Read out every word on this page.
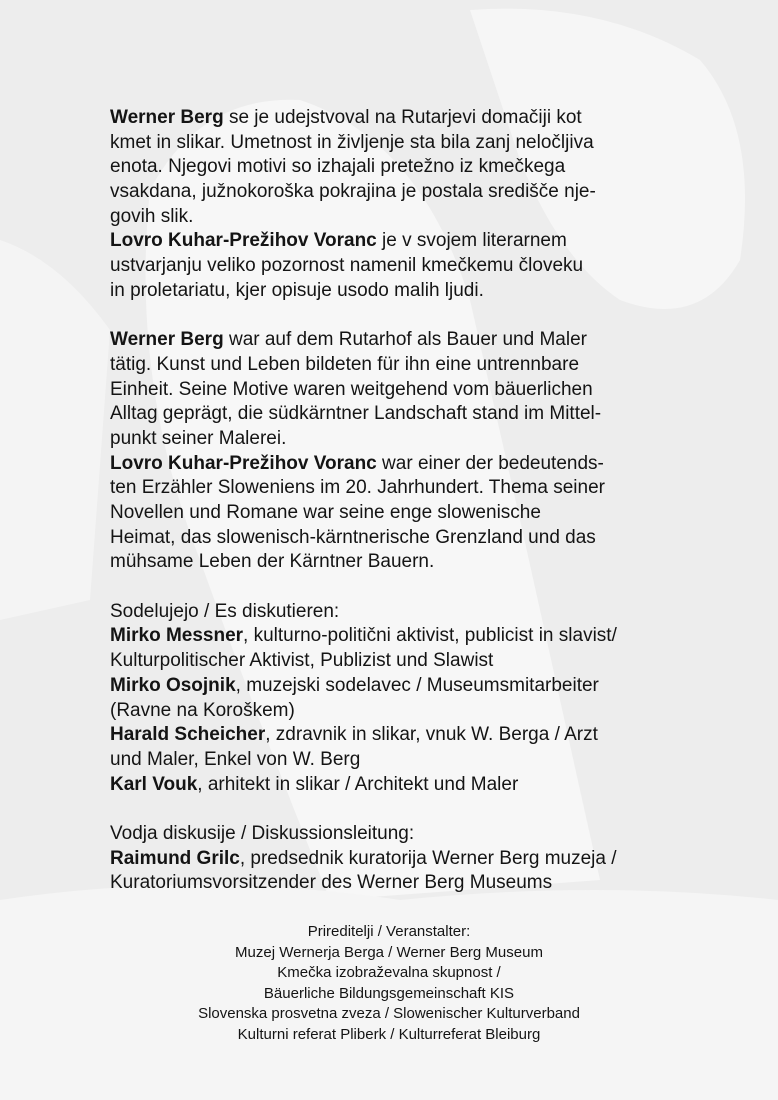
Werner Berg se je udejstvoval na Rutarjevi domačiji kot
kmet in slikar. Umetnost in življenje sta bila zanj neločljiva
enota. Njegovi motivi so izhajali pretežno iz kmečkega
vsakdana, južnokoroška pokrajina je postala središče nje-
govih slik.
Lovro Kuhar-Prežihov Voranc je v svojem literarnem
ustvarjanju veliko pozornost namenil kmečkemu človeku
in proletariatu, kjer opisuje usodo malih ljudi.
Werner Berg war auf dem Rutarhof als Bauer und Maler
tätig. Kunst und Leben bildeten für ihn eine untrennbare
Einheit. Seine Motive waren weitgehend vom bäuerlichen
Alltag geprägt, die südkärntner Landschaft stand im Mittel-
punkt seiner Malerei.
Lovro Kuhar-Prežihov Voranc war einer der bedeutends-
ten Erzähler Sloweniens im 20. Jahrhundert. Thema seiner
Novellen und Romane war seine enge slowenische
Heimat, das slowenisch-kärntnerische Grenzland und das
mühsame Leben der Kärntner Bauern.
Sodelujejo / Es diskutieren:
Mirko Messner, kulturno-politični aktivist, publicist in slavist/
Kulturpolitischer Aktivist, Publizist und Slawist
Mirko Osojnik, muzejski sodelavec / Museumsmitarbeiter
(Ravne na Koroškem)
Harald Scheicher, zdravnik in slikar, vnuk W. Berga / Arzt
und Maler, Enkel von W. Berg
Karl Vouk, arhitekt in slikar / Architekt und Maler
Vodja diskusije / Diskussionsleitung:
Raimund Grilc, predsednik kuratorija Werner Berg muzeja /
Kuratoriumsvorsitzender des Werner Berg Museums
Prireditelji / Veranstalter:
Muzej Wernerja Berga / Werner Berg Museum
Kmečka izobraževalna skupnost /
Bäuerliche Bildungsgemeinschaft KIS
Slovenska prosvetna zveza / Slowenischer Kulturverband
Kulturni referat Pliberk / Kulturreferat Bleiburg
